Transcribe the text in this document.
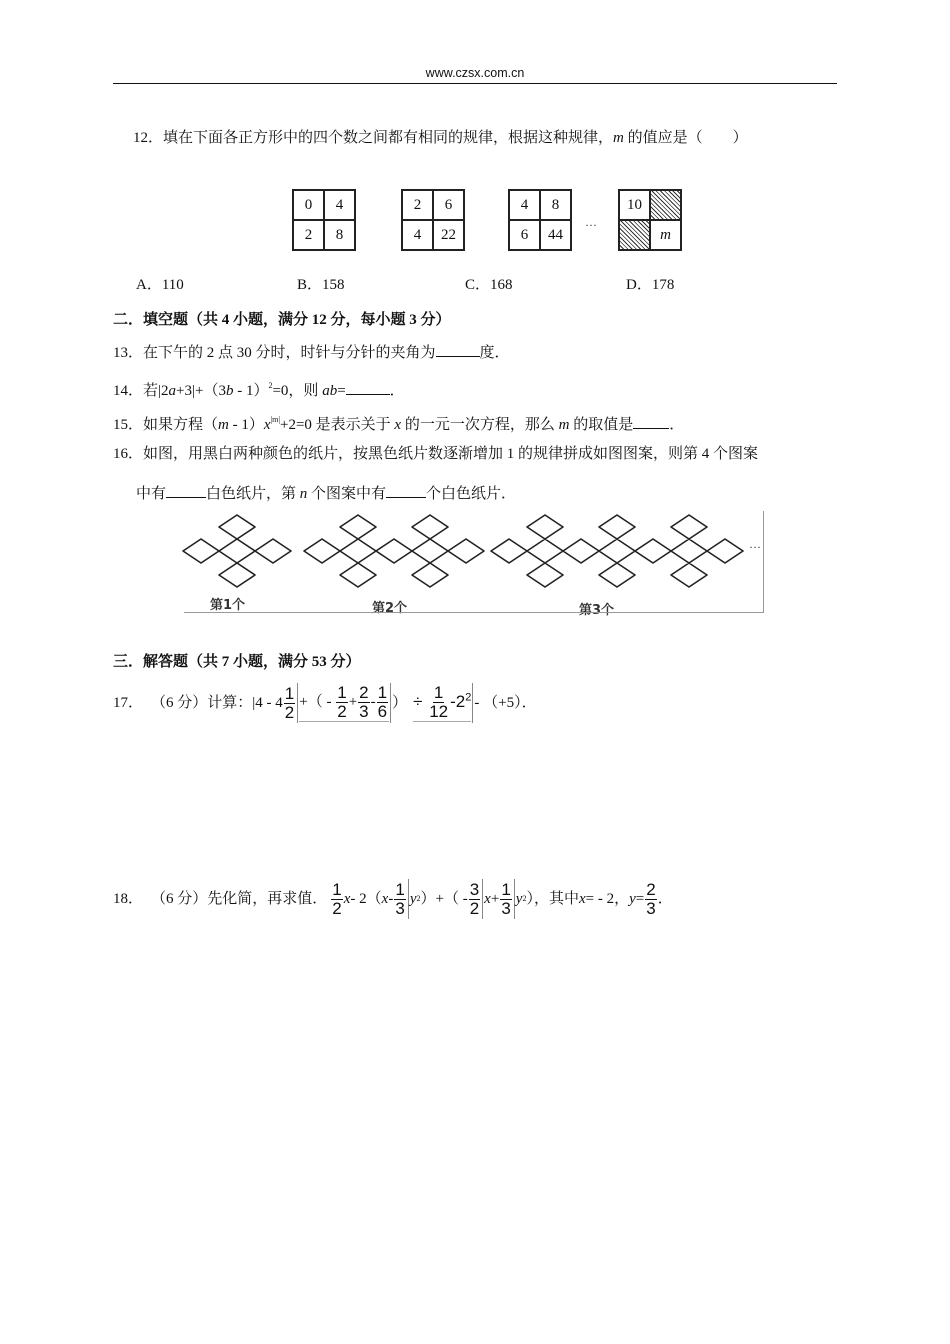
www.czsx.com.cn
12．填在下面各正方形中的四个数之间都有相同的规律，根据这种规律，m 的值应是（　　）
0	4
2	8
2	6
4	22
4	8
6	44
···
10
m
A．110	B．158	C．168	D．178
二．填空题（共 4 小题，满分 12 分，每小题 3 分）
13．在下午的 2 点 30 分时，时针与分针的夹角为	度．
14．若|2a+3|+（3b - 1）$^2$=0，则 ab=	．
15．如果方程$(m - 1)x^{|m|}+2=0$ 是表示关于 x 的一元一次方程，那么 m 的取值是 ．
16．如图，用黑白两种颜色的纸片，按黑色纸片数逐渐增加 1 的规律拼成如图图案，则第 4 个图案
中有	白色纸片，第 n 个图案中有	个白色纸片．
···
第1个	第2个	第3个
三．解答题（共 7 小题，满分 53 分）
17． （6 分）计算： $|4 - 4 \frac{1}{2}$ +（ - $\frac{1}{2} + \frac{2}{3} - \frac{1}{6}$ ） ÷ $\frac{1}{12} -2^2 - (+5)$．
18． （6 分）先化简，再求值． $\frac{1}{2}$ x - 2（ x - $\frac{1}{3}$ y 2 ）+（ - $\frac{3}{2}$ $x + \frac{1}{3}$ y 2 ），其中 x = - 2， $y = \frac{2}{3}$ ．
